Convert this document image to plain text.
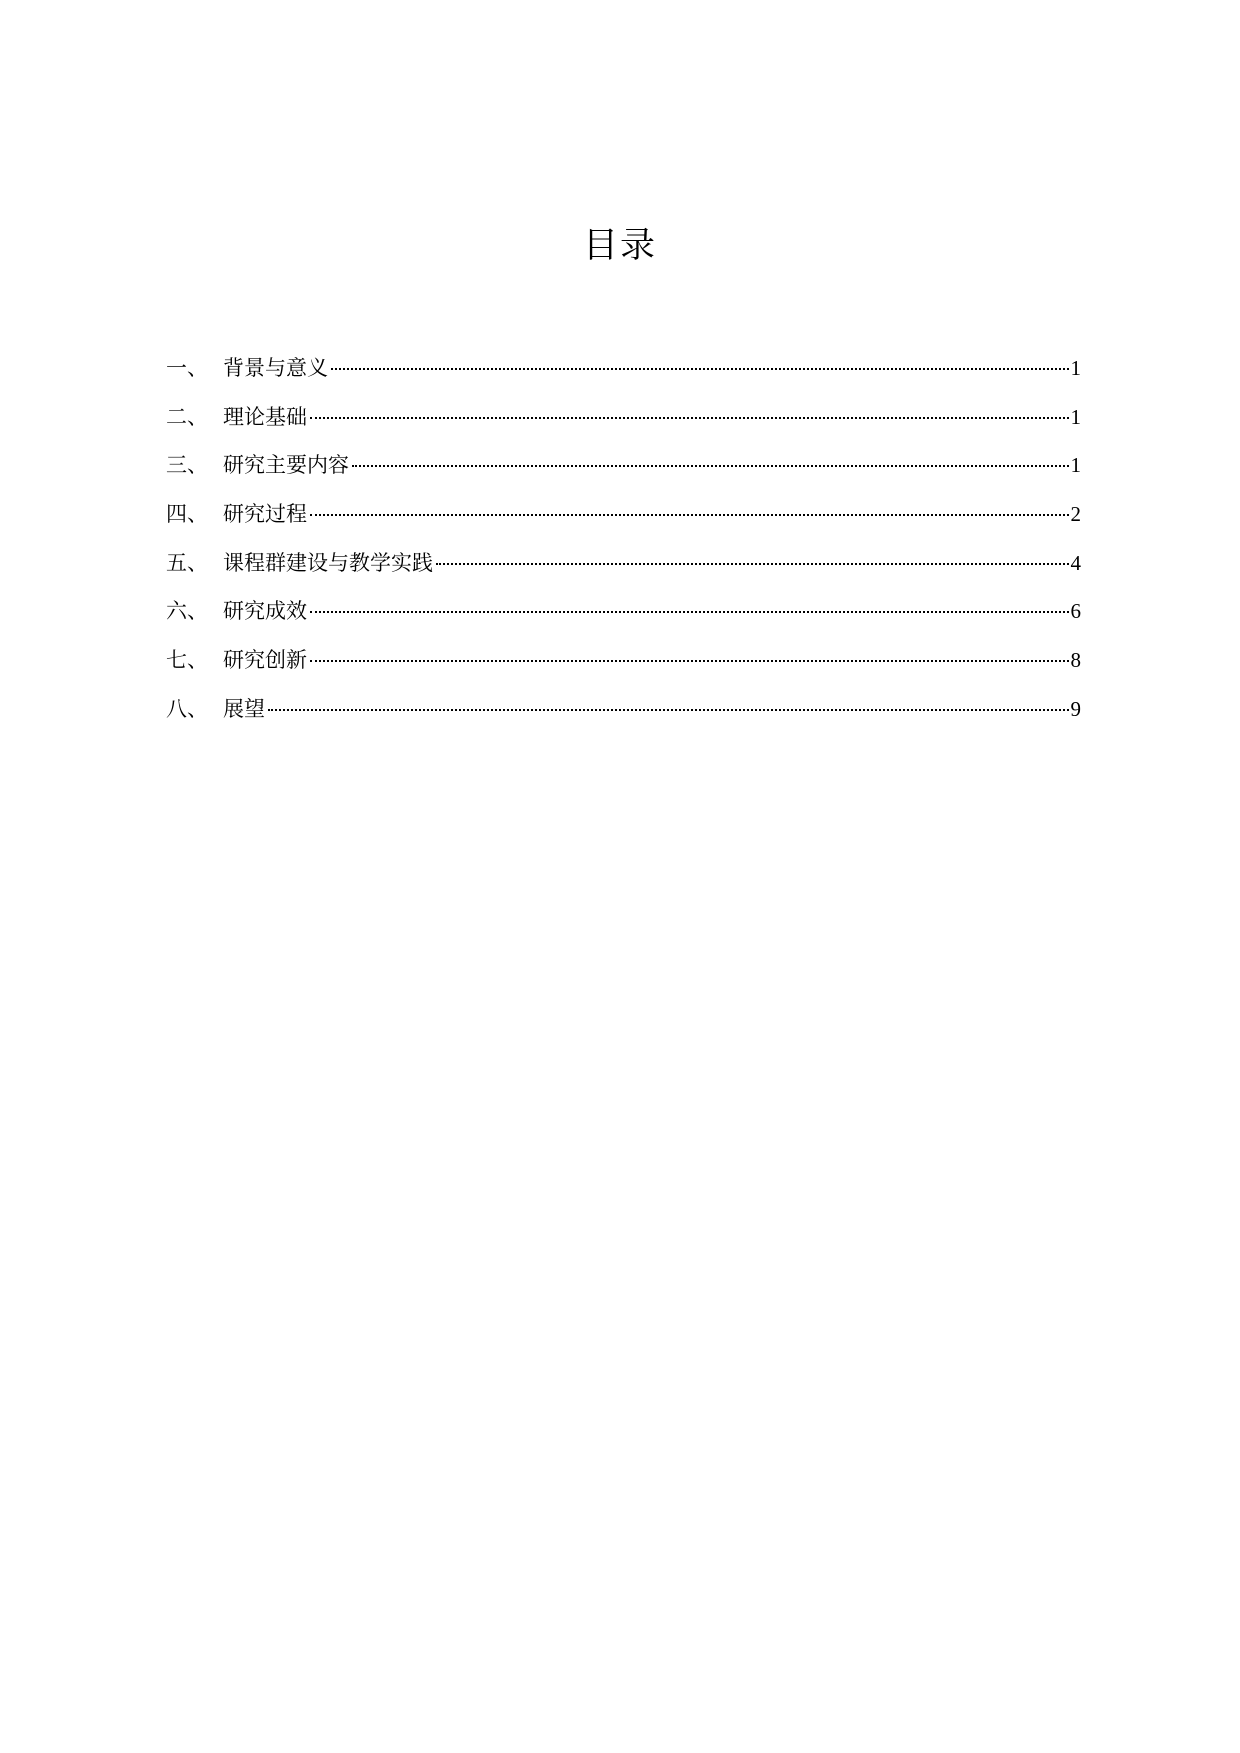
目录
一、 背景与意义	1
二、 理论基础	1
三、 研究主要内容	1
四、 研究过程	2
五、 课程群建设与教学实践	4
六、 研究成效	6
七、 研究创新	8
八、 展望	9
